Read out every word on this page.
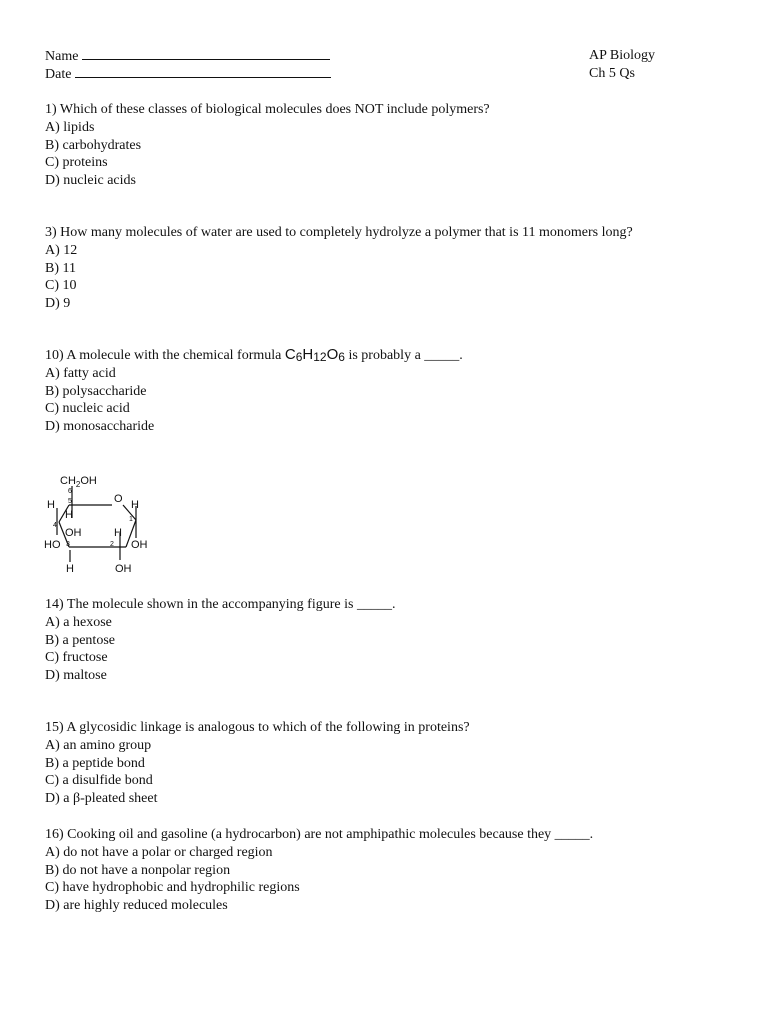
Name
Date
AP Biology
Ch 5 Qs
1) Which of these classes of biological molecules does NOT include polymers?
A) lipids
B) carbohydrates
C) proteins
D) nucleic acids
3) How many molecules of water are used to completely hydrolyze a polymer that is 11 monomers long?
A) 12
B) 11
C) 10
D) 9
10) A molecule with the chemical formula C6H12O6 is probably a _____.
A) fatty acid
B) polysaccharide
C) nucleic acid
D) monosaccharide
$CH_2OH$
O
H	H
H
OH
HO
H
OH
H	OH
6
5
4
3	2
1
14) The molecule shown in the accompanying figure is _____.
A) a hexose
B) a pentose
C) fructose
D) maltose
15) A glycosidic linkage is analogous to which of the following in proteins?
A) an amino group
B) a peptide bond
C) a disulfide bond
D) a β-pleated sheet
16) Cooking oil and gasoline (a hydrocarbon) are not amphipathic molecules because they _____.
A) do not have a polar or charged region
B) do not have a nonpolar region
C) have hydrophobic and hydrophilic regions
D) are highly reduced molecules
